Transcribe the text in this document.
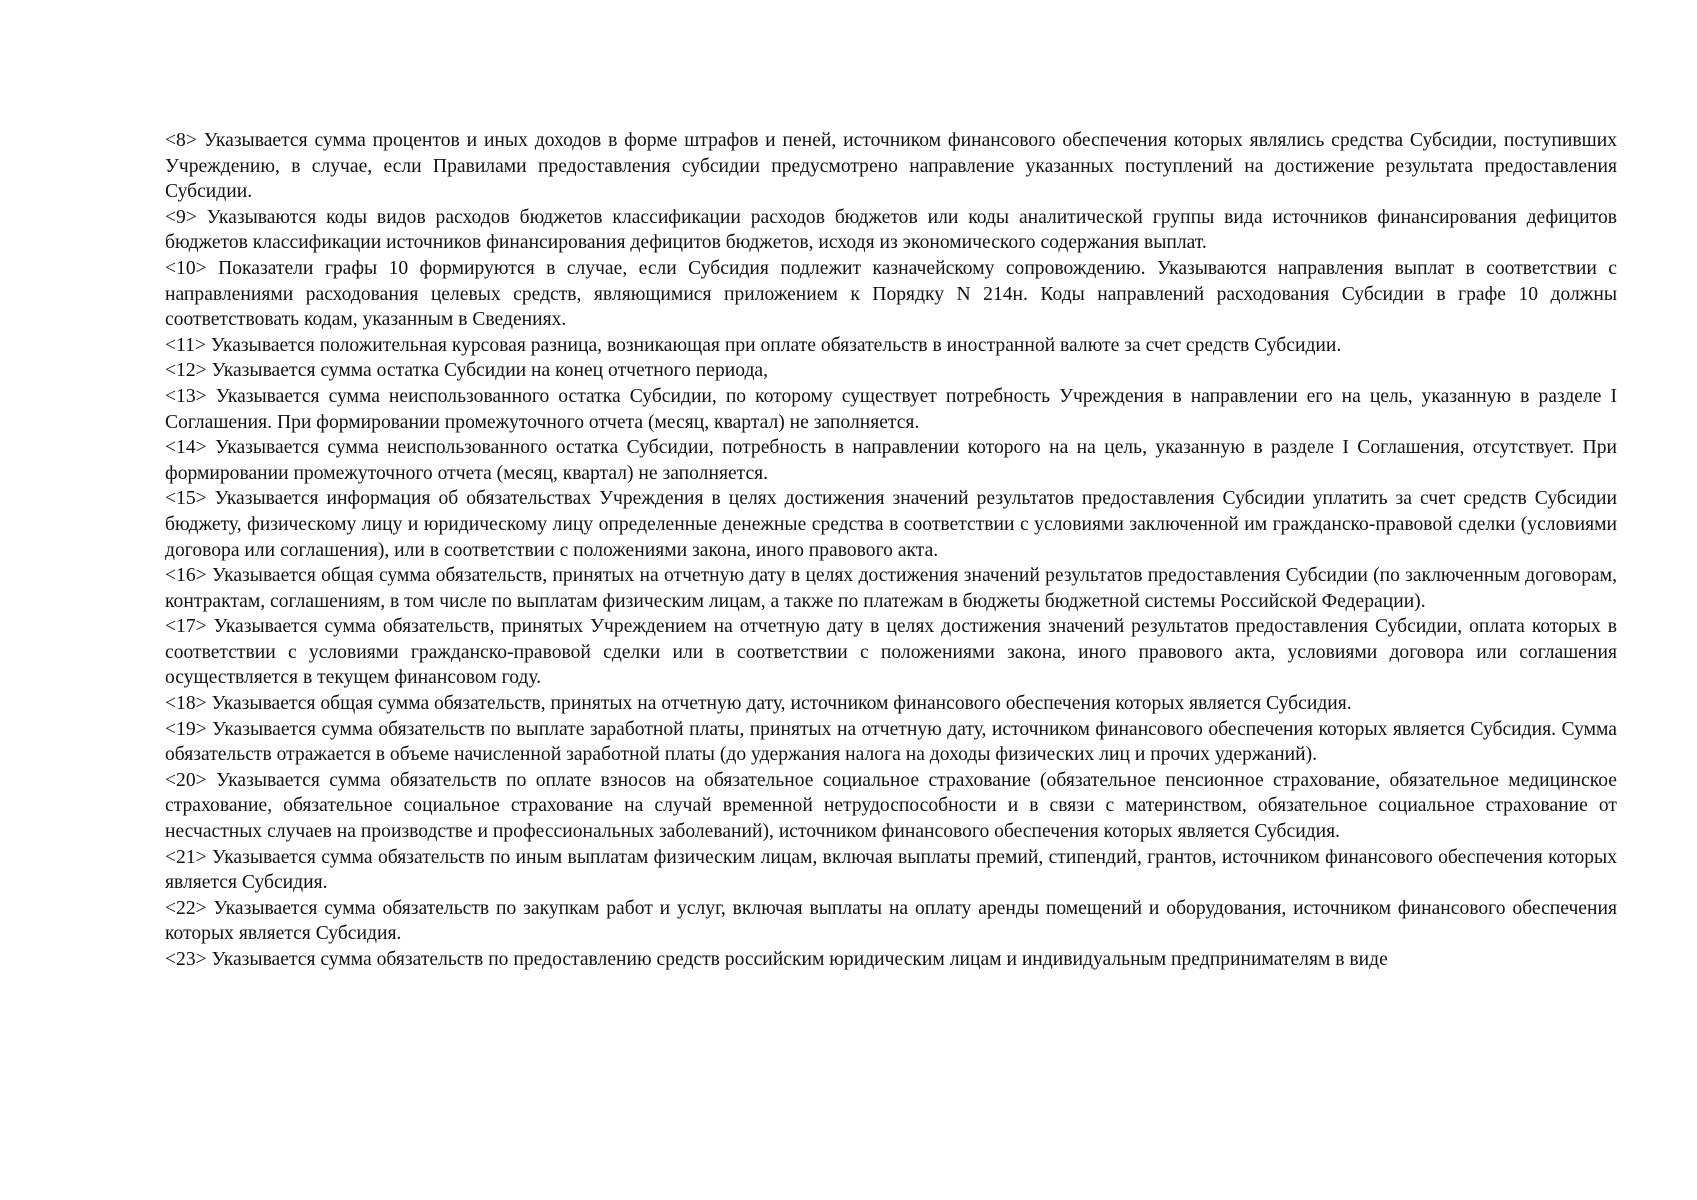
<8> Указывается сумма процентов и иных доходов в форме штрафов и пеней, источником финансового обеспечения которых являлись средства Субсидии, поступивших Учреждению, в случае, если Правилами предоставления субсидии предусмотрено направление указанных поступлений на достижение результата предоставления Субсидии.

<9> Указываются коды видов расходов бюджетов классификации расходов бюджетов или коды аналитической группы вида источников финансирования дефицитов бюджетов классификации источников финансирования дефицитов бюджетов, исходя из экономического содержания выплат.

<10> Показатели графы 10 формируются в случае, если Субсидия подлежит казначейскому сопровождению. Указываются направления выплат в соответствии с направлениями расходования целевых средств, являющимися приложением к Порядку N 214н. Коды направлений расходования Субсидии в графе 10 должны соответствовать кодам, указанным в Сведениях.

<11> Указывается положительная курсовая разница, возникающая при оплате обязательств в иностранной валюте за счет средств Субсидии.

<12> Указывается сумма остатка Субсидии на конец отчетного периода,

<13> Указывается сумма неиспользованного остатка Субсидии, по которому существует потребность Учреждения в направлении его на цель, указанную в разделе I Соглашения. При формировании промежуточного отчета (месяц, квартал) не заполняется.

<14> Указывается сумма неиспользованного остатка Субсидии, потребность в направлении которого на на цель, указанную в разделе I Соглашения, отсутствует. При формировании промежуточного отчета (месяц, квартал) не заполняется.

<15> Указывается информация об обязательствах Учреждения в целях достижения значений результатов предоставления Субсидии уплатить за счет средств Субсидии бюджету, физическому лицу и юридическому лицу определенные денежные средства в соответствии с условиями заключенной им гражданско-правовой сделки (условиями договора или соглашения), или в соответствии с положениями закона, иного правового акта.

<16> Указывается общая сумма обязательств, принятых на отчетную дату в целях достижения значений результатов предоставления Субсидии (по заключенным договорам, контрактам, соглашениям, в том числе по выплатам физическим лицам, а также по платежам в бюджеты бюджетной системы Российской Федерации).

<17> Указывается сумма обязательств, принятых Учреждением на отчетную дату в целях достижения значений результатов предоставления Субсидии, оплата которых в соответствии с условиями гражданско-правовой сделки или в соответствии с положениями закона, иного правового акта, условиями договора или соглашения осуществляется в текущем финансовом году.

<18> Указывается общая сумма обязательств, принятых на отчетную дату, источником финансового обеспечения которых является Субсидия.

<19> Указывается сумма обязательств по выплате заработной платы, принятых на отчетную дату, источником финансового обеспечения которых является Субсидия. Сумма обязательств отражается в объеме начисленной заработной платы (до удержания налога на доходы физических лиц и прочих удержаний).

<20> Указывается сумма обязательств по оплате взносов на обязательное социальное страхование (обязательное пенсионное страхование, обязательное медицинское страхование, обязательное социальное страхование на случай временной нетрудоспособности и в связи с материнством, обязательное социальное страхование от несчастных случаев на производстве и профессиональных заболеваний), источником финансового обеспечения которых является Субсидия.

<21> Указывается сумма обязательств по иным выплатам физическим лицам, включая выплаты премий, стипендий, грантов, источником финансового обеспечения которых является Субсидия.

<22> Указывается сумма обязательств по закупкам работ и услуг, включая выплаты на оплату аренды помещений и оборудования, источником финансового обеспечения которых является Субсидия.

<23> Указывается сумма обязательств по предоставлению средств российским юридическим лицам и индивидуальным предпринимателям в виде
